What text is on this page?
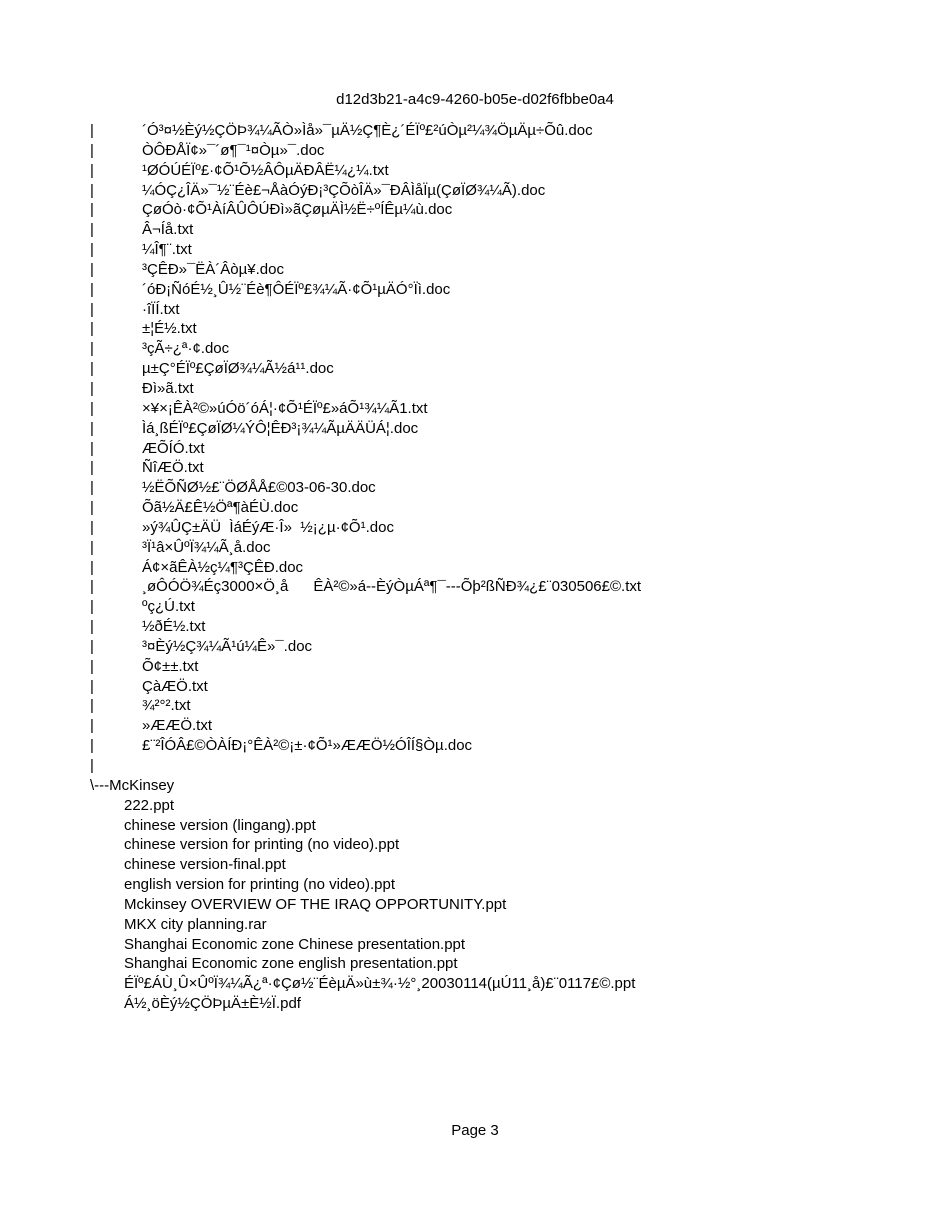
d12d3b21-a4c9-4260-b05e-d02f6fbbe0a4
|	´Ó³¤½Èý½ÇÖÞ¾¼ÃÒ»Ìå»¯µÄ½Ç¶È¿´ÉÏº£²úÒµ²¼¾ÖµÄµ÷Õû.doc
|	ÒÔÐÅÏ¢»¯´ø¶¯¹¤Òµ»¯.doc
|	¹ØÓÚÉÏº£·¢Õ¹Õ½ÂÔµÄÐÂË¼¿¼.txt
|	¼ÓÇ¿ÎÄ»¯½¨Éè£¬ÅàÓýÐ¡³ÇÕòÎÄ»¯ÐÂÌåÏµ(ÇøÏØ¾¼Ã).doc
|	ÇøÓò·¢Õ¹ÀíÂÛÔÚÐì»ãÇøµÄÌ½Ë÷ºÍÊµ¼ù.doc
|	Â¬Íå.txt
|	¼Î¶¨.txt
|	³ÇÊÐ»¯ËÀ´Âòµ¥.doc
|	´óÐ¡ÑóÉ½¸Û½¨Éè¶ÔÉÏº£¾¼Ã·¢Õ¹µÄÓ°Ïì.doc
|	·îÏÍ.txt
|	±¦É½.txt
|	³çÃ÷¿ª·¢.doc
|	µ±Ç°ÉÏº£ÇøÏØ¾¼Ã½á¹¹.doc
|	Ðì»ã.txt
|	×¥×¡ÊÀ²©»úÓö´óÁ¦·¢Õ¹ÉÏº£»áÕ¹¾¼Ã1.txt
|	Ìá¸ßÉÏº£ÇøÏØ¼ÝÔ¦ÊÐ³¡¾¼ÃµÄÄÜÁ¦.doc
|	ÆÕÍÓ.txt
|	ÑîÆÖ.txt
|	½ËÕÑØ½£¨ÖØÅÅ£©03-06-30.doc
|	Õã½Ä£Ê½Öª¶àÉÙ.doc
|	»ý¾ÛÇ±ÄÜ  ÌáÉýÆ·Î»  ½¡¿µ·¢Õ¹.doc
|	³Ï¹â×ÛºÏ¾¼Ã¸å.doc
|	Á¢×ãÊÀ½ç¼¶³ÇÊÐ.doc
|	¸øÔÓÖ¾Éç3000×Ö¸å      ÊÀ²©»á--ÈýÒµÁª¶¯---Õþ²ßÑÐ¾¿£¨030506£©.txt
|	ºç¿Ú.txt
|	½ðÉ½.txt
|	³¤Èý½Ç¾¼Ã¹ú¼Ê»¯.doc
|	Õ¢±±.txt
|	ÇàÆÖ.txt
|	¾²°².txt
|	»ÆÆÖ.txt
|	£¨²ÎÓÂ£©ÒÀÍÐ¡°ÊÀ²©¡±·¢Õ¹»ÆÆÖ½ÓÎÍ§Òµ.doc
|
\---McKinsey
222.ppt
chinese version (lingang).ppt
chinese version for printing (no video).ppt
chinese version-final.ppt
english version for printing (no video).ppt
Mckinsey OVERVIEW OF THE IRAQ OPPORTUNITY.ppt
MKX city planning.rar
Shanghai Economic zone Chinese presentation.ppt
Shanghai Economic zone english presentation.ppt
ÉÏº£ÁÙ¸Û×ÛºÏ¾¼Ã¿ª·¢Çø½¨ÉèµÄ»ù±¾·½°¸20030114(µÚ11¸å)£¨0117£©.ppt
Á½¸öÈý½ÇÖÞµÄ±È½Ï.pdf
Page 3
